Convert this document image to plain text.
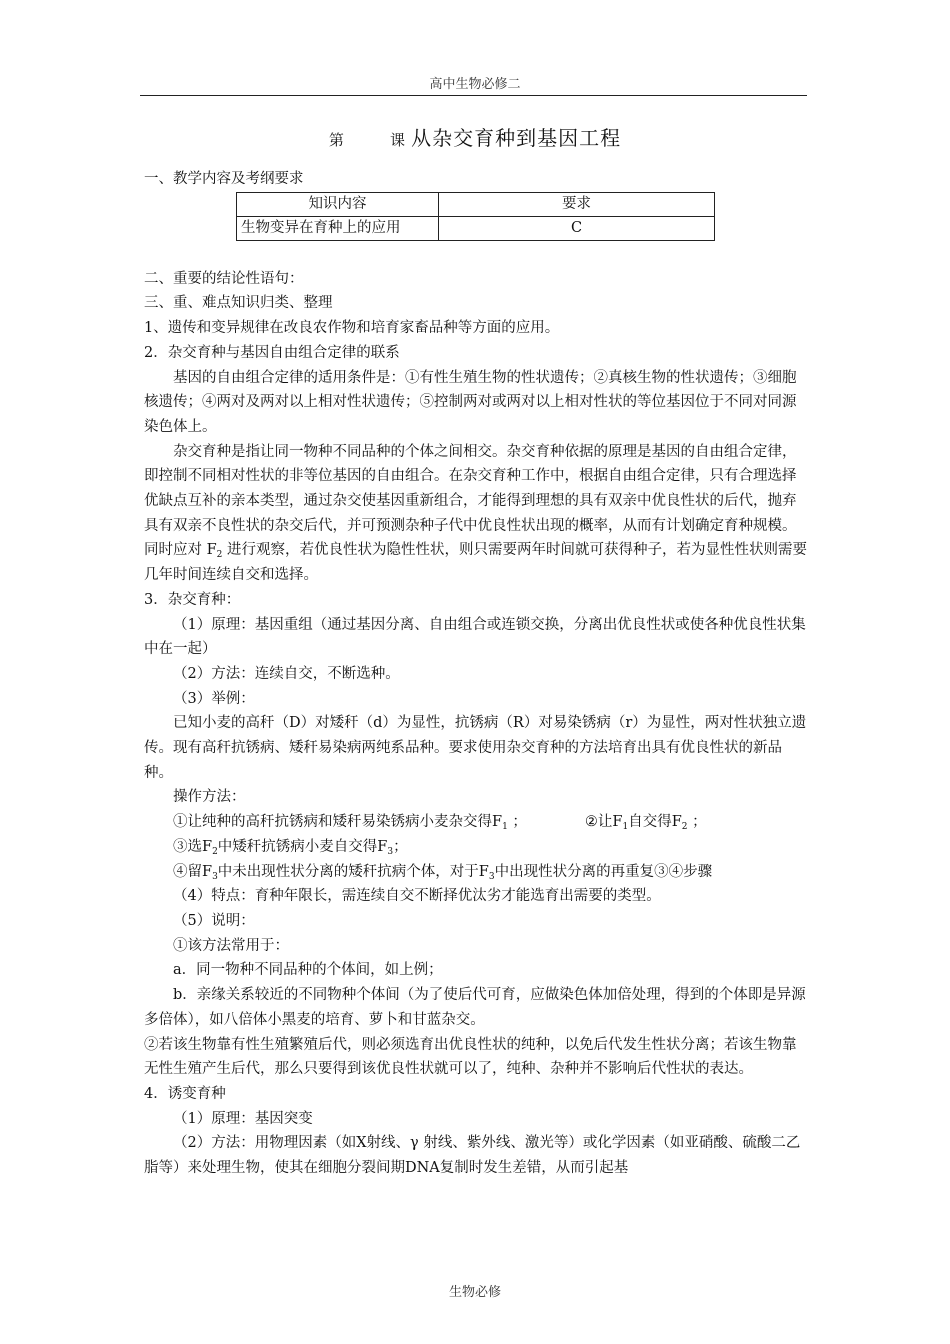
高中生物必修二
第	课 从杂交育种到基因工程

一、教学内容及考纲要求

知识内容	要求
生物变异在育种上的应用	C

二、重要的结论性语句：

三、重、难点知识归类、整理

1、遗传和变异规律在改良农作物和培育家畜品种等方面的应用。

2．杂交育种与基因自由组合定律的联系

基因的自由组合定律的适用条件是：①有性生殖生物的性状遗传；②真核生物的性状遗传；③细胞核遗传；④两对及两对以上相对性状遗传；⑤控制两对或两对以上相对性状的等位基因位于不同对同源染色体上。

杂交育种是指让同一物种不同品种的个体之间相交。杂交育种依据的原理是基因的自由组合定律，即控制不同相对性状的非等位基因的自由组合。在杂交育种工作中，根据自由组合定律，只有合理选择优缺点互补的亲本类型，通过杂交使基因重新组合，才能得到理想的具有双亲中优良性状的后代，抛弃具有双亲不良性状的杂交后代，并可预测杂种子代中优良性状出现的概率，从而有计划确定育种规模。同时应对 $F_2$ 进行观察，若优良性状为隐性性状，则只需要两年时间就可获得种子，若为显性性状则需要几年时间连续自交和选择。

3．杂交育种：

（1）原理：基因重组（通过基因分离、自由组合或连锁交换，分离出优良性状或使各种优良性状集中在一起）

（2）方法：连续自交，不断选种。

（3）举例：

已知小麦的高秆（D）对矮秆（d）为显性，抗锈病（R）对易染锈病（r）为显性，两对性状独立遗传。现有高秆抗锈病、矮秆易染病两纯系品种。要求使用杂交育种的方法培育出具有优良性状的新品种。

操作方法：

①让纯种的高秆抗锈病和矮秆易染锈病小麦杂交得$F_1$ ；	②让$F_1$自交得$F_2$ ；

③选$F_2$中矮秆抗锈病小麦自交得$F_3$；

④留$F_3$中未出现性状分离的矮秆抗病个体，对于$F_3$中出现性状分离的再重复③④步骤

（4）特点：育种年限长，需连续自交不断择优汰劣才能选育出需要的类型。

（5）说明：

①该方法常用于：

a．同一物种不同品种的个体间，如上例；

b．亲缘关系较近的不同物种个体间（为了使后代可育，应做染色体加倍处理，得到的个体即是异源多倍体），如八倍体小黑麦的培育、萝卜和甘蓝杂交。

②若该生物靠有性生殖繁殖后代，则必须选育出优良性状的纯种，以免后代发生性状分离；若该生物靠无性生殖产生后代，那么只要得到该优良性状就可以了，纯种、杂种并不影响后代性状的表达。

4．诱变育种

（1）原理：基因突变

（2）方法：用物理因素（如X射线、γ 射线、紫外线、激光等）或化学因素（如亚硝酸、硫酸二乙脂等）来处理生物，使其在细胞分裂间期DNA复制时发生差错，从而引起基

生物必修
